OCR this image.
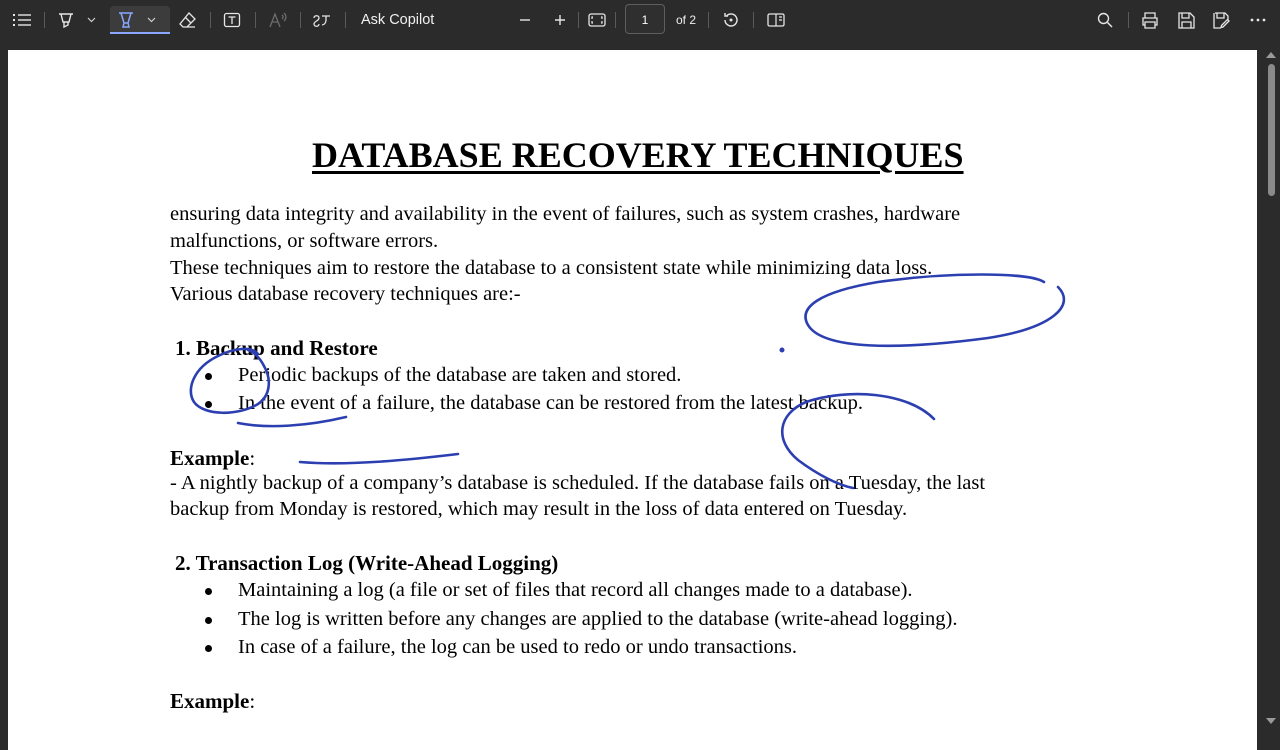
Ask Copilot	1	of 2
DATABASE RECOVERY TECHNIQUES
ensuring data integrity and availability in the event of failures, such as system crashes, hardware
malfunctions, or software errors.
These techniques aim to restore the database to a consistent state while minimizing data loss.
Various database recovery techniques are:-
1. Backup and Restore
Periodic backups of the database are taken and stored.
In the event of a failure, the database can be restored from the latest backup.
Example:
- A nightly backup of a company’s database is scheduled. If the database fails on a Tuesday, the last
backup from Monday is restored, which may result in the loss of data entered on Tuesday.
2. Transaction Log (Write-Ahead Logging)
Maintaining a log (a file or set of files that record all changes made to a database).
The log is written before any changes are applied to the database (write-ahead logging).
In case of a failure, the log can be used to redo or undo transactions.
Example:
